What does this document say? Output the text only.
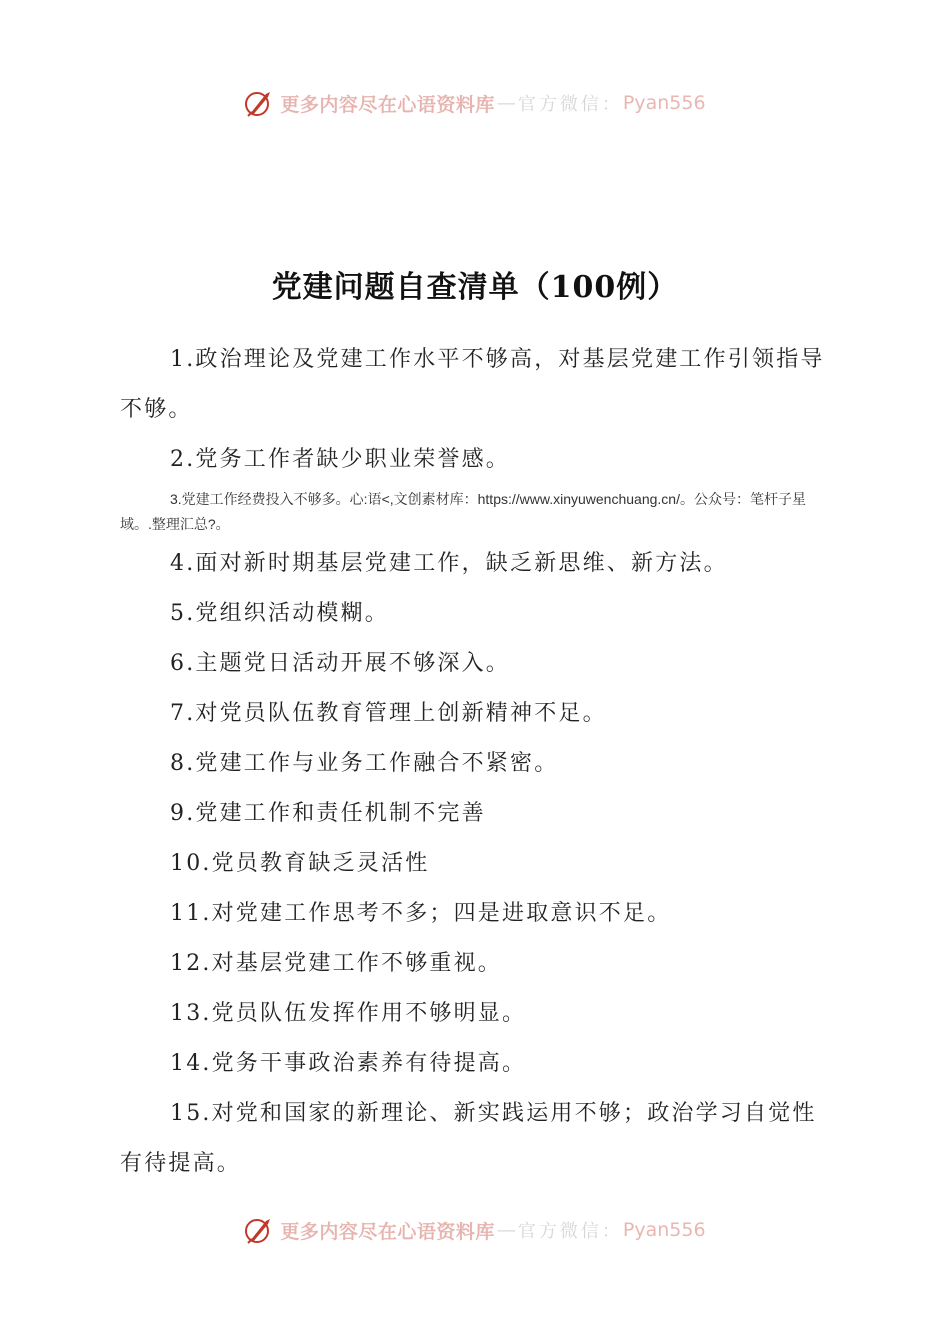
更多内容尽在心语资料库 — 官方微信： Pyan556
党建问题自查清单（100例）

1.政治理论及党建工作水平不够高，对基层党建工作引领指导不够。

2.党务工作者缺少职业荣誉感。

3.党建工作经费投入不够多。心:语<,文创素材库：https://www.xinyuwenchuang.cn/。公众号：笔杆子星域。.整理汇总?。

4.面对新时期基层党建工作，缺乏新思维、新方法。

5.党组织活动模糊。

6.主题党日活动开展不够深入。

7.对党员队伍教育管理上创新精神不足。

8.党建工作与业务工作融合不紧密。

9.党建工作和责任机制不完善

10.党员教育缺乏灵活性

11.对党建工作思考不多；四是进取意识不足。

12.对基层党建工作不够重视。

13.党员队伍发挥作用不够明显。

14.党务干事政治素养有待提高。

15.对党和国家的新理论、新实践运用不够；政治学习自觉性有待提高。

更多内容尽在心语资料库 — 官方微信： Pyan556
